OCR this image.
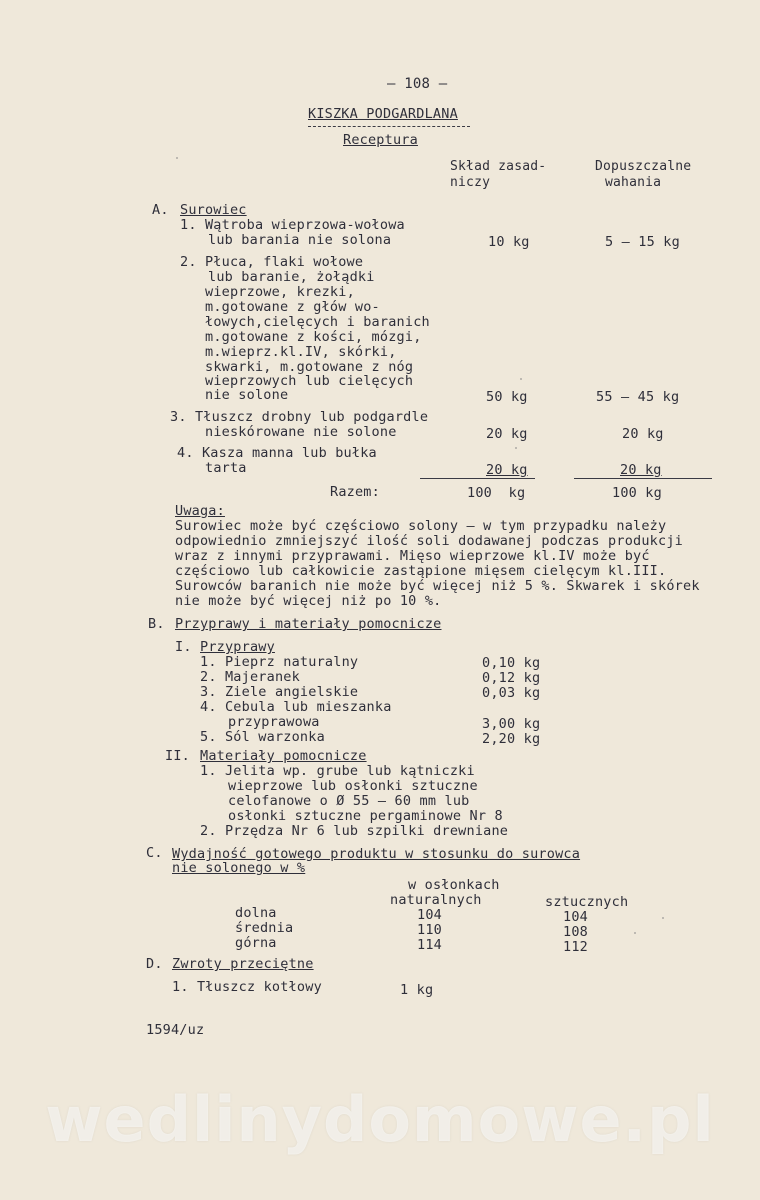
– 108 –
KISZKA PODGARDLANA
Receptura
Skład zasad-
niczy
Dopuszczalne
wahania
A. Surowiec
1. Wątroba wieprzowa-wołowa
lub barania nie solona	10 kg	5 – 15 kg
2. Płuca, flaki wołowe
lub baranie, żołądki
wieprzowe, krezki,
m.gotowane z głów wo-
łowych,cielęcych i baranich
m.gotowane z kości, mózgi,
m.wieprz.kl.IV, skórki,
skwarki, m.gotowane z nóg
wieprzowych lub cielęcych
nie solone	50 kg	55 – 45 kg
3. Tłuszcz drobny lub podgardle
nieskórowane nie solone	20 kg	20 kg
4. Kasza manna lub bułka
tarta	20 kg	20 kg
Razem:	100  kg	100 kg
Uwaga:
Surowiec może być częściowo solony – w tym przypadku należy
odpowiednio zmniejszyć ilość soli dodawanej podczas produkcji
wraz z innymi przyprawami. Mięso wieprzowe kl.IV może być
częściowo lub całkowicie zastąpione mięsem cielęcym kl.III.
Surowców baranich nie może być więcej niż 5 %. Skwarek i skórek
nie może być więcej niż po 10 %.
B. Przyprawy i materiały pomocnicze
I. Przyprawy
1. Pieprz naturalny	0,10 kg
2. Majeranek	0,12 kg
3. Ziele angielskie	0,03 kg
4. Cebula lub mieszanka
przyprawowa	3,00 kg
5. Sól warzonka	2,20 kg
II. Materiały pomocnicze
1. Jelita wp. grube lub kątniczki
wieprzowe lub osłonki sztuczne
celofanowe o Ø 55 – 60 mm lub
osłonki sztuczne pergaminowe Nr 8
2. Przędza Nr 6 lub szpilki drewniane
C. Wydajność gotowego produktu w stosunku do surowca
nie solonego w %
w osłonkach
naturalnych	sztucznych
dolna	104	104
średnia	110	108
górna	114	112
D. Zwroty przeciętne
1. Tłuszcz kotłowy	1 kg
1594/uz
wedlinydomowe.pl
